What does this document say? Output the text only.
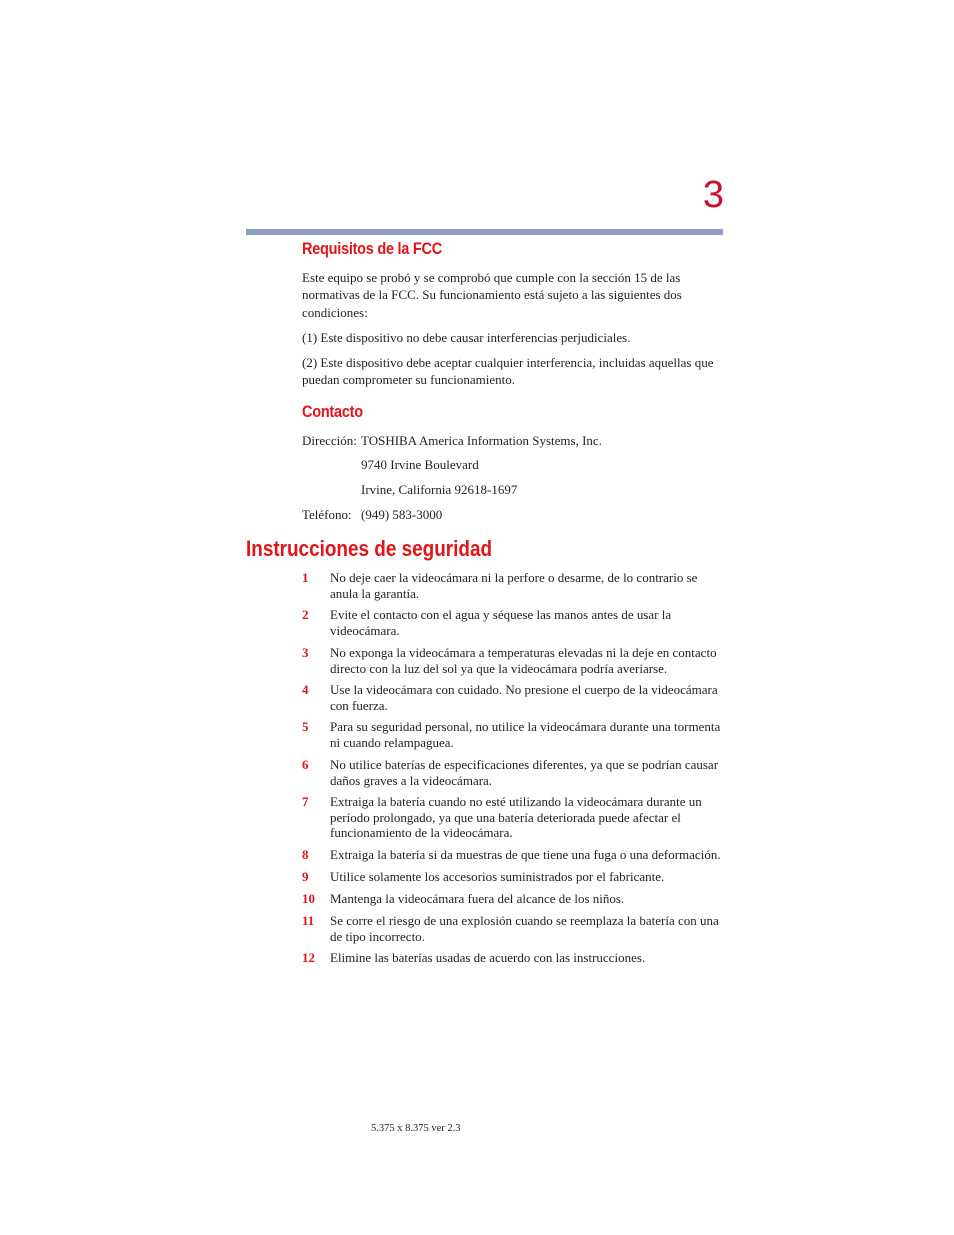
3
Requisitos de la FCC

Este equipo se probó y se comprobó que cumple con la sección 15 de las normativas de la FCC. Su funcionamiento está sujeto a las siguientes dos condiciones:

(1) Este dispositivo no debe causar interferencias perjudiciales.

(2) Este dispositivo debe aceptar cualquier interferencia, incluidas aquellas que puedan comprometer su funcionamiento.

Contacto
Dirección: TOSHIBA America Information Systems, Inc.
9740 Irvine Boulevard
Irvine, California 92618-1697
Teléfono: (949) 583-3000
Instrucciones de seguridad
1 No deje caer la videocámara ni la perfore o desarme, de lo contrario se anula la garantía.
2 Evite el contacto con el agua y séquese las manos antes de usar la videocámara.
3 No exponga la videocámara a temperaturas elevadas ni la deje en contacto directo con la luz del sol ya que la videocámara podría averiarse.
4 Use la videocámara con cuidado. No presione el cuerpo de la videocámara con fuerza.
5 Para su seguridad personal, no utilice la videocámara durante una tormenta ni cuando relampaguea.
6 No utilice baterías de especificaciones diferentes, ya que se podrían causar daños graves a la videocámara.
7 Extraiga la batería cuando no esté utilizando la videocámara durante un período prolongado, ya que una batería deteriorada puede afectar el funcionamiento de la videocámara.
8 Extraiga la batería si da muestras de que tiene una fuga o una deformación.
9 Utilice solamente los accesorios suministrados por el fabricante.
10 Mantenga la videocámara fuera del alcance de los niños.
11 Se corre el riesgo de una explosión cuando se reemplaza la batería con una de tipo incorrecto.
12 Elimine las baterías usadas de acuerdo con las instrucciones.
5.375 x 8.375 ver 2.3
